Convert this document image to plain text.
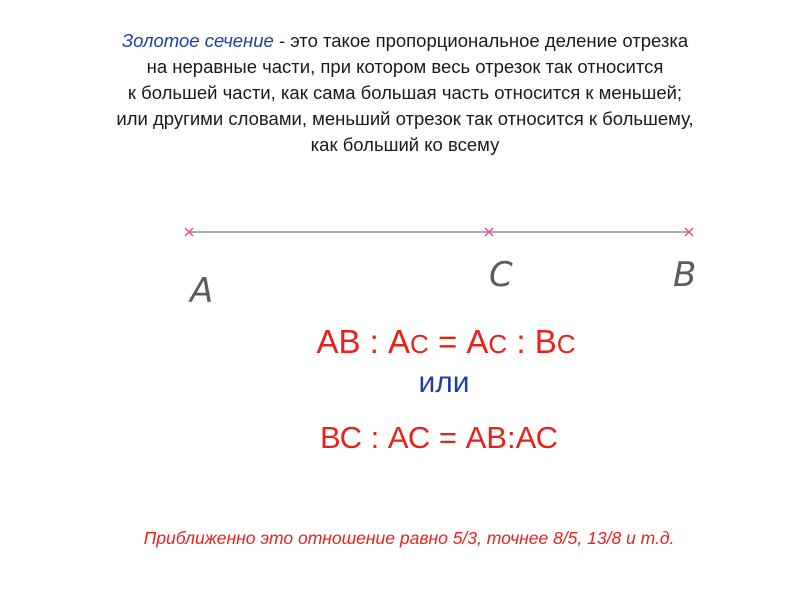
Золотое сечение - это такое пропорциональное деление отрезка
на неравные части, при котором весь отрезок так относится
к большей части, как сама большая часть относится к меньшей;
или другими словами, меньший отрезок так относится к большему,
как больший ко всему
A	C	B
АВ : АС = АС : ВС
или
ВС : АС = АВ:АС
Приближенно это отношение равно 5/3, точнее 8/5, 13/8 и т.д.
